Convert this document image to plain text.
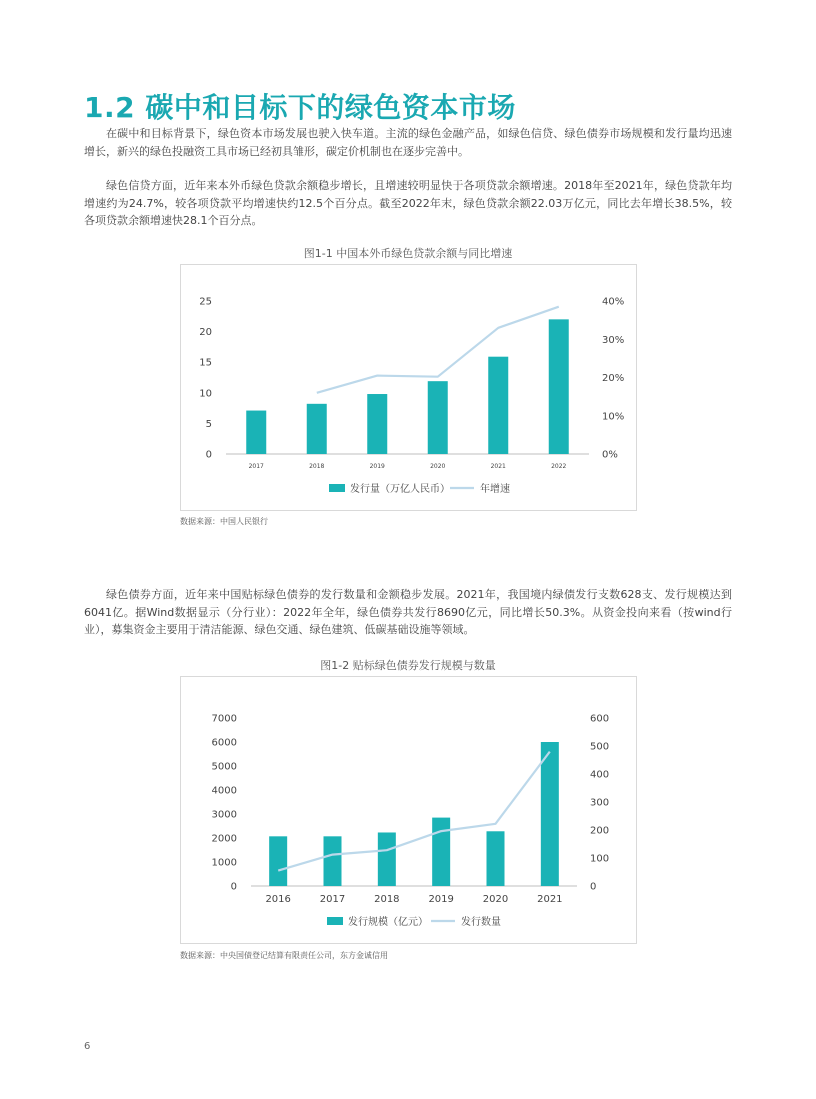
1.2 碳中和目标下的绿色资本市场

在碳中和目标背景下，绿色资本市场发展也驶入快车道。主流的绿色金融产品，如绿色信贷、绿色债券市场规模和发行量均迅速增长，新兴的绿色投融资工具市场已经初具雏形，碳定价机制也在逐步完善中。

绿色信贷方面，近年来本外币绿色贷款余额稳步增长，且增速较明显快于各项贷款余额增速。2018年至2021年，绿色贷款年均增速约为24.7%，较各项贷款平均增速快约12.5个百分点。截至2022年末，绿色贷款余额22.03万亿元，同比去年增长38.5%，较各项贷款余额增速快28.1个百分点。

图1-1 中国本外币绿色贷款余额与同比增速

0
5
10
15
20
25
0%
10%
20%
30%
40%
2017	2018	2019	2020	2021	2022
发行量（万亿人民币）	年增速

数据来源：中国人民银行

绿色债券方面，近年来中国贴标绿色债券的发行数量和金额稳步发展。2021年，我国境内绿债发行支数628支、发行规模达到6041亿。据Wind数据显示（分行业）：2022年全年，绿色债券共发行8690亿元，同比增长50.3%。从资金投向来看（按wind行业），募集资金主要用于清洁能源、绿色交通、绿色建筑、低碳基础设施等领域。

图1-2 贴标绿色债券发行规模与数量

0
1000
2000
3000
4000
5000
6000
7000
0
100
200
300
400
500
600
2016	2017	2018	2019	2020	2021
发行规模（亿元）	发行数量

数据来源：中央国债登记结算有限责任公司，东方金诚信用

6
